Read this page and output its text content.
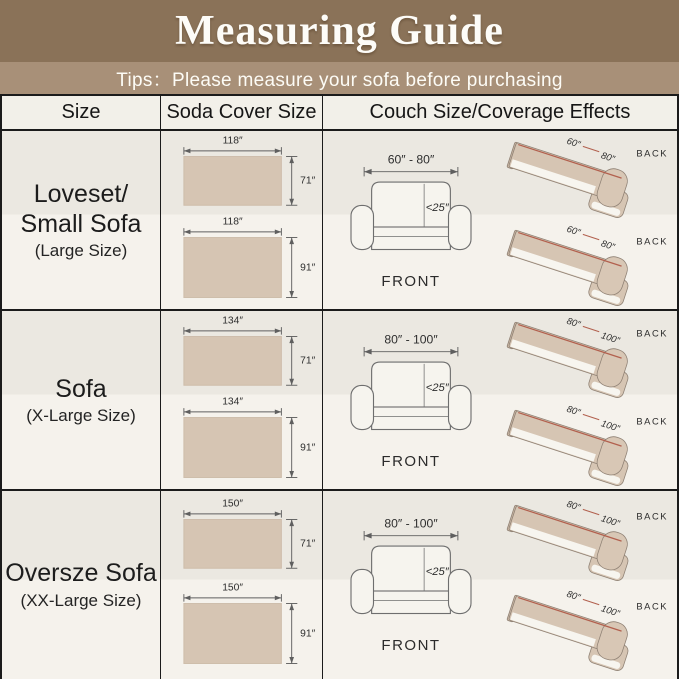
Measuring Guide
Tips：Please measure your sofa before purchasing
Size	Soda Cover Size	Couch Size/Coverage Effects
Loveset/
Small Sofa
(Large Size)
118″
71″
118″
91″
60″ - 80″
<25″
FRONT
60″
80″ BACK
60″
80″ BACK
Sofa
(X-Large Size)
134″
71″
134″
91″
80″ - 100″
<25″
FRONT
80″
100″ BACK
80″
100″ BACK
Oversze Sofa
(XX-Large Size)
150″
71″
150″
91″
80″ - 100″
<25″
FRONT
80″
100″ BACK
80″
100″ BACK
